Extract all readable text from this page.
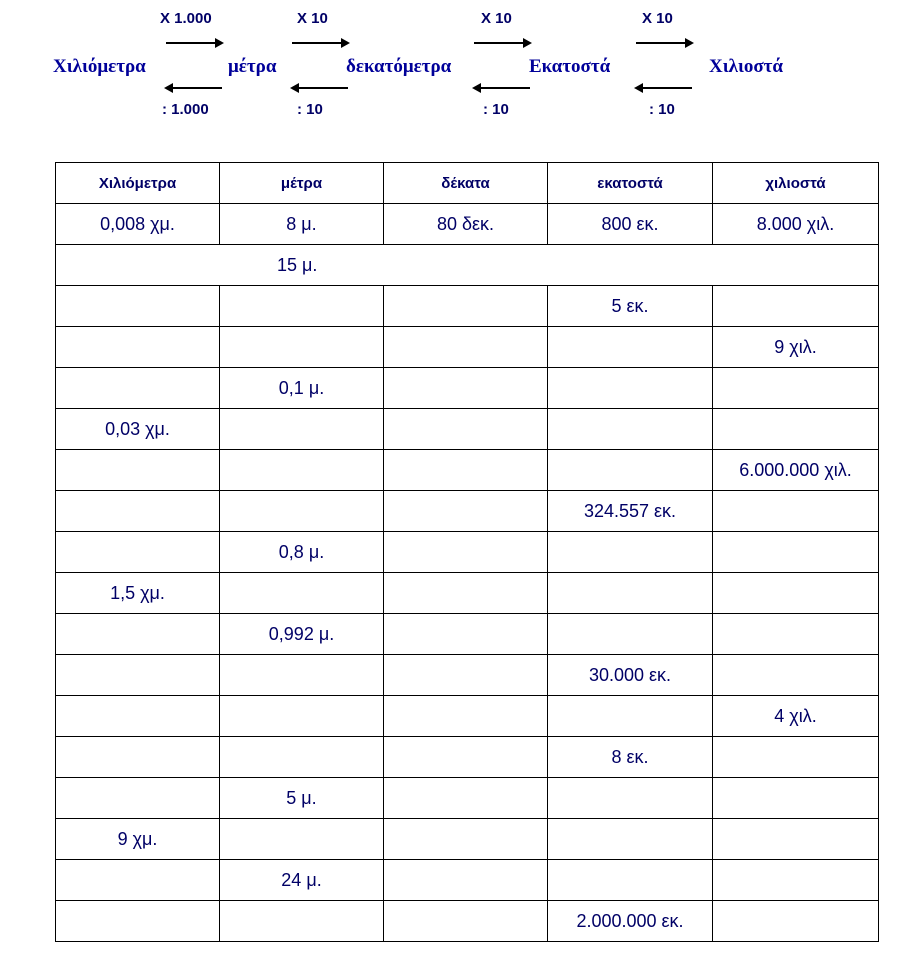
Χιλιόμετρα	μέτρα	δεκατόμετρα	Εκατοστά	Χιλιοστά
Χ 1.000	Χ 10	Χ 10	Χ 10
: 1.000	: 10	: 10	: 10
Χιλιόμετρα	μέτρα	δέκατα	εκατοστά	χιλιοστά
0,008 χμ.	8 μ.	80 δεκ.	800 εκ.	8.000 χιλ.
15 μ.				
			5 εκ.	
				9 χιλ.
	0,1 μ.			
0,03 χμ.				
				6.000.000 χιλ.
			324.557 εκ.	
	0,8 μ.			
1,5 χμ.				
	0,992 μ.			
			30.000 εκ.	
				4 χιλ.
			8 εκ.	
	5 μ.			
9 χμ.				
	24 μ.			
			2.000.000 εκ.	
